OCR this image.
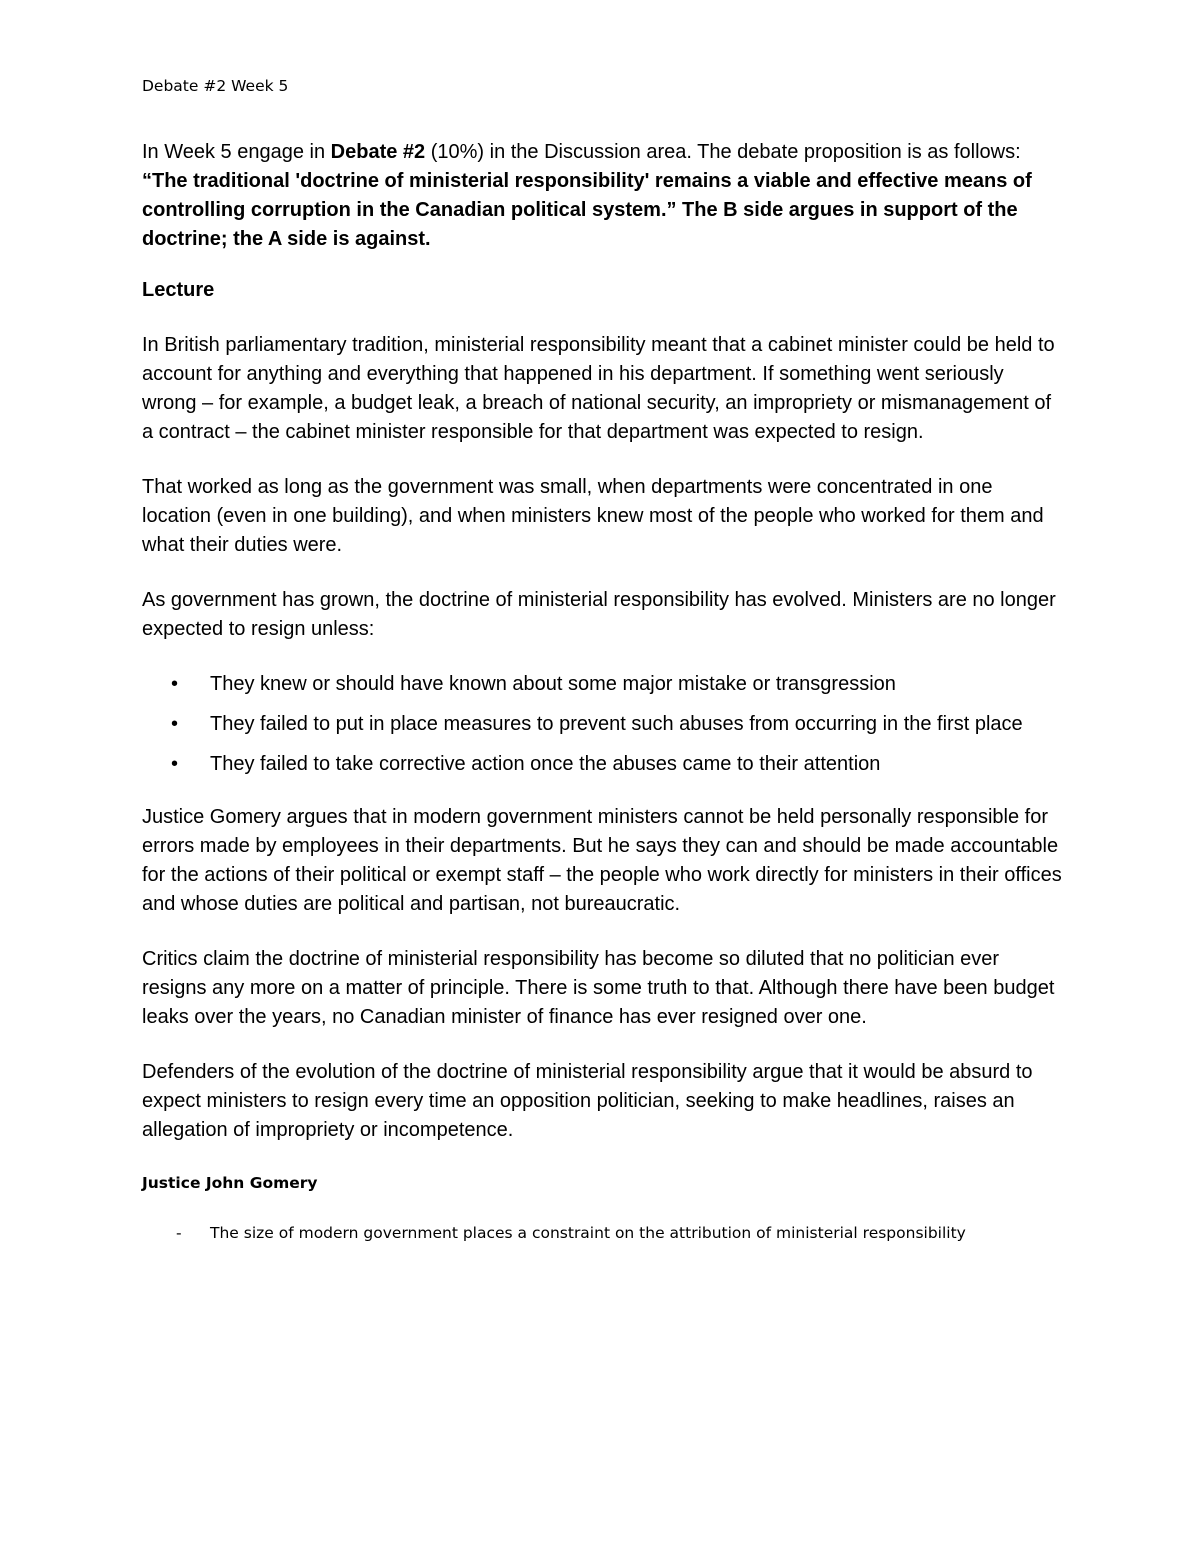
Debate #2 Week 5

In Week 5 engage in Debate #2 (10%) in the Discussion area. The debate proposition is as follows: “The traditional 'doctrine of ministerial responsibility' remains a viable and effective means of controlling corruption in the Canadian political system.” The B side argues in support of the doctrine; the A side is against.

Lecture

In British parliamentary tradition, ministerial responsibility meant that a cabinet minister could be held to account for anything and everything that happened in his department. If something went seriously wrong – for example, a budget leak, a breach of national security, an impropriety or mismanagement of a contract – the cabinet minister responsible for that department was expected to resign.

That worked as long as the government was small, when departments were concentrated in one location (even in one building), and when ministers knew most of the people who worked for them and what their duties were.

As government has grown, the doctrine of ministerial responsibility has evolved. Ministers are no longer expected to resign unless:

• They knew or should have known about some major mistake or transgression
• They failed to put in place measures to prevent such abuses from occurring in the first place
• They failed to take corrective action once the abuses came to their attention

Justice Gomery argues that in modern government ministers cannot be held personally responsible for errors made by employees in their departments. But he says they can and should be made accountable for the actions of their political or exempt staff – the people who work directly for ministers in their offices and whose duties are political and partisan, not bureaucratic.

Critics claim the doctrine of ministerial responsibility has become so diluted that no politician ever resigns any more on a matter of principle. There is some truth to that. Although there have been budget leaks over the years, no Canadian minister of finance has ever resigned over one.

Defenders of the evolution of the doctrine of ministerial responsibility argue that it would be absurd to expect ministers to resign every time an opposition politician, seeking to make headlines, raises an allegation of impropriety or incompetence.

Justice John Gomery
- The size of modern government places a constraint on the attribution of ministerial responsibility
